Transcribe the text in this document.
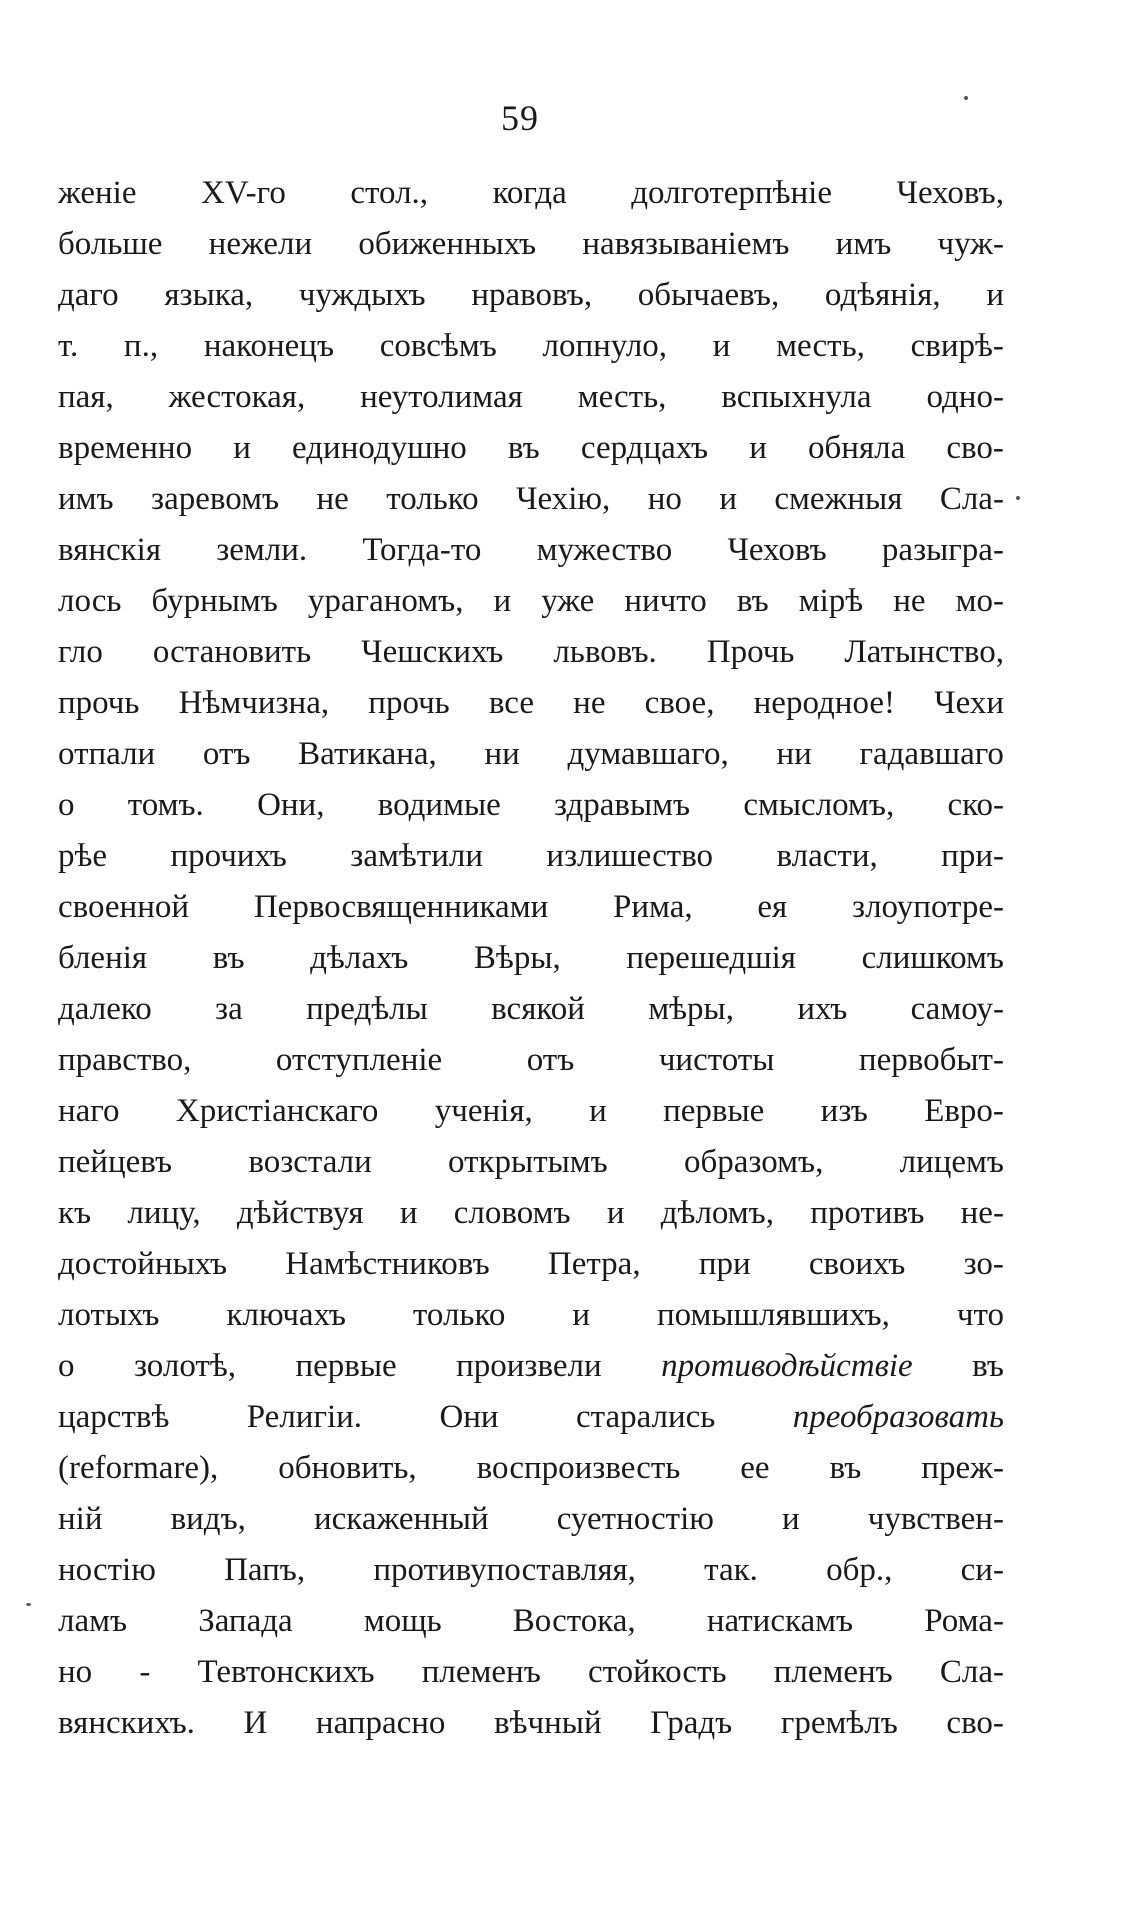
59
женіе XV-го стол., когда долготерпѣніе Чеховъ,
больше нежели обиженныхъ навязываніемъ имъ чуж-
даго языка, чуждыхъ нравовъ, обычаевъ, одѣянія, и
т. п., наконецъ совсѣмъ лопнуло, и месть, свирѣ-
пая, жестокая, неутолимая месть, вспыхнула одно-
временно и единодушно въ сердцахъ и обняла сво-
имъ заревомъ не только Чехію, но и смежныя Сла-
вянскія земли. Тогда-то мужество Чеховъ разыгра-
лось бурнымъ ураганомъ, и уже ничто въ мірѣ не мо-
гло остановить Чешскихъ львовъ. Прочь Латынство,
прочь Нѣмчизна, прочь все не свое, неродное! Чехи
отпали отъ Ватикана, ни думавшаго, ни гадавшаго
о томъ. Они, водимые здравымъ смысломъ, ско-
рѣе прочихъ замѣтили излишество власти, при-
своенной Первосвященниками Рима, ея злоупотре-
бленія въ дѣлахъ Вѣры, перешедшія слишкомъ
далеко за предѣлы всякой мѣры, ихъ самоу-
правство,	отступленіе	отъ	чистоты	первобыт-
наго Христіанскаго ученія, и первые изъ Евро-
пейцевъ возстали открытымъ образомъ, лицемъ
къ лицу, дѣйствуя и словомъ и дѣломъ, противъ не-
достойныхъ Намѣстниковъ Петра, при своихъ зо-
лотыхъ ключахъ только и помышлявшихъ, что
о золотѣ, первые произвели противодѣйствіе въ
царствѣ Религіи. Они старались преобразовать
(reformare), обновить, воспроизвесть ее въ преж-
ній видъ, искаженный суетностію и чувствен-
ностію Папъ, противупоставляя, так. обр., си-
ламъ Запада мощь Востока, натискамъ Рома-
но - Тевтонскихъ племенъ стойкость племенъ Сла-
вянскихъ. И напрасно вѣчный Градъ гремѣлъ сво-
